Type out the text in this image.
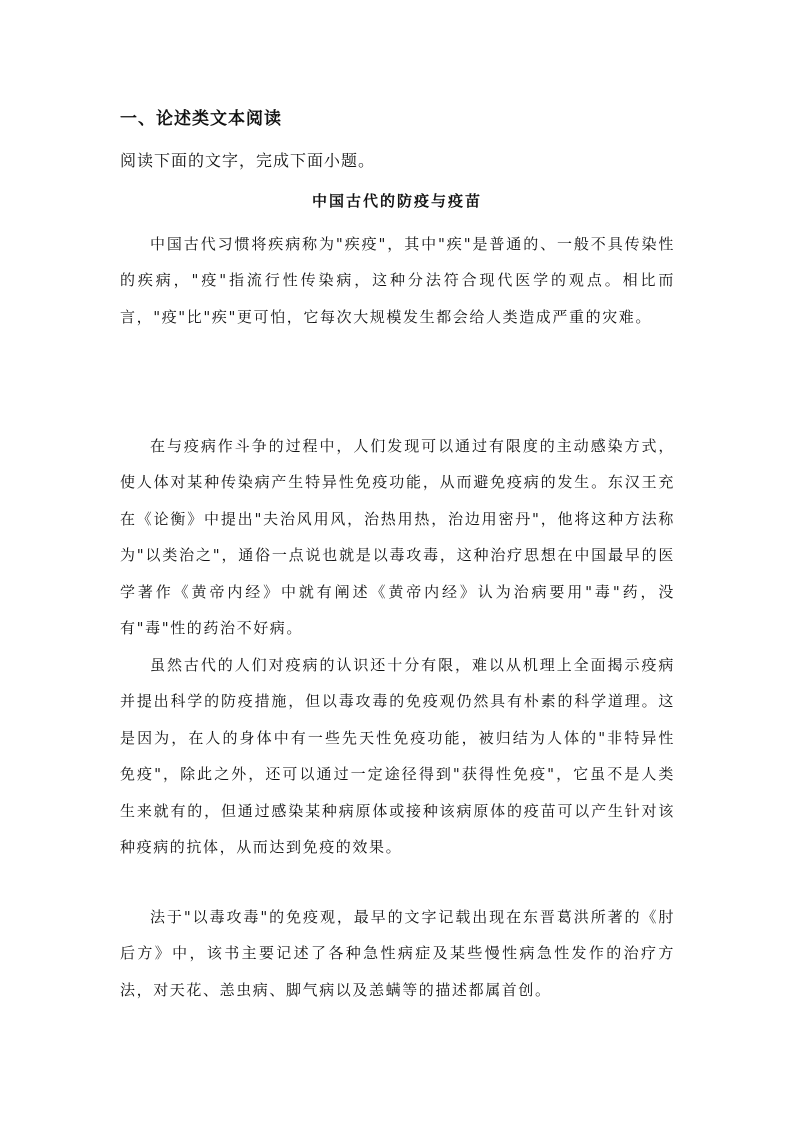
一、论述类文本阅读
阅读下面的文字，完成下面小题。
中国古代的防疫与疫苗

中国古代习惯将疾病称为"疾疫"，其中"疾"是普通的、一般不具传染性的疾病，"疫"指流行性传染病，这种分法符合现代医学的观点。相比而言，"疫"比"疾"更可怕，它每次大规模发生都会给人类造成严重的灾难。

在与疫病作斗争的过程中，人们发现可以通过有限度的主动感染方式，使人体对某种传染病产生特异性免疫功能，从而避免疫病的发生。东汉王充在《论衡》中提出"夫治风用风，治热用热，治边用密丹"，他将这种方法称为"以类治之"，通俗一点说也就是以毒攻毒，这种治疗思想在中国最早的医学著作《黄帝内经》中就有阐述《黄帝内经》认为治病要用"毒"药，没有"毒"性的药治不好病。

虽然古代的人们对疫病的认识还十分有限，难以从机理上全面揭示疫病并提出科学的防疫措施，但以毒攻毒的免疫观仍然具有朴素的科学道理。这是因为，在人的身体中有一些先天性免疫功能，被归结为人体的"非特异性免疫"，除此之外，还可以通过一定途径得到"获得性免疫"，它虽不是人类生来就有的，但通过感染某种病原体或接种该病原体的疫苗可以产生针对该种疫病的抗体，从而达到免疫的效果。

法于"以毒攻毒"的免疫观，最早的文字记载出现在东晋葛洪所著的《肘后方》中，该书主要记述了各种急性病症及某些慢性病急性发作的治疗方法，对天花、恙虫病、脚气病以及恙螨等的描述都属首创。
